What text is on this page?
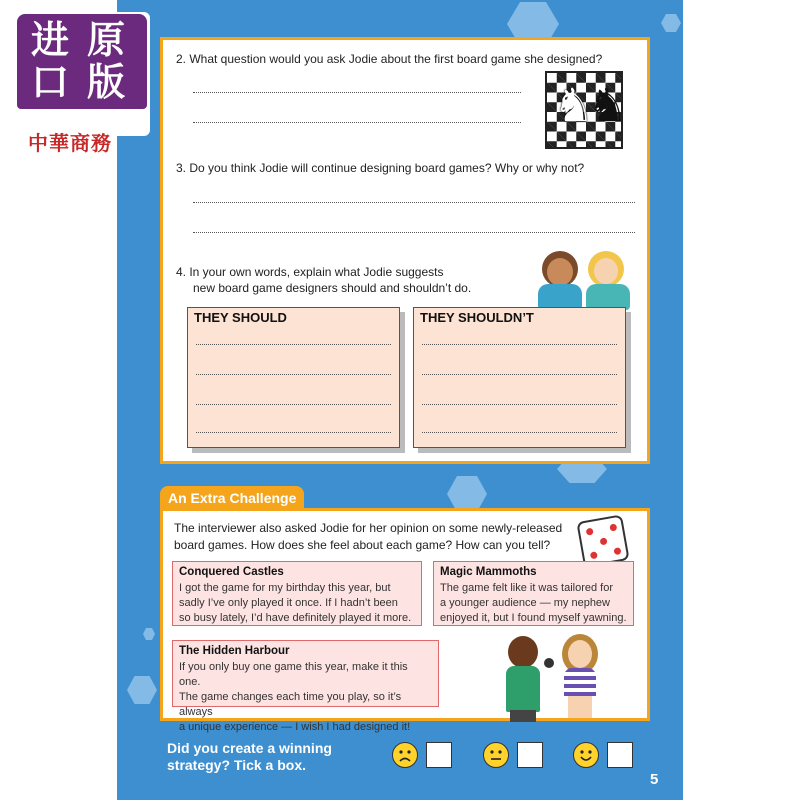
进 原
口 版
中華商務
2. What question would you ask Jodie about the first board game she designed?
♞
♞
3. Do you think Jodie will continue designing board games? Why or why not?
4. In your own words, explain what Jodie suggests
new board game designers should and shouldn’t do.
THEY SHOULD	THEY SHOULDN’T
An Extra Challenge
The interviewer also asked Jodie for her opinion on some newly-released
board games. How does she feel about each game? How can you tell?
Conquered Castles
I got the game for my birthday this year, but
sadly I’ve only played it once. If I hadn’t been
so busy lately, I’d have definitely played it more.
Magic Mammoths
The game felt like it was tailored for
a younger audience — my nephew
enjoyed it, but I found myself yawning.
The Hidden Harbour
If you only buy one game this year, make it this one.
The game changes each time you play, so it’s always
a unique experience — I wish I had designed it!
Did you create a winning
strategy? Tick a box.
5
